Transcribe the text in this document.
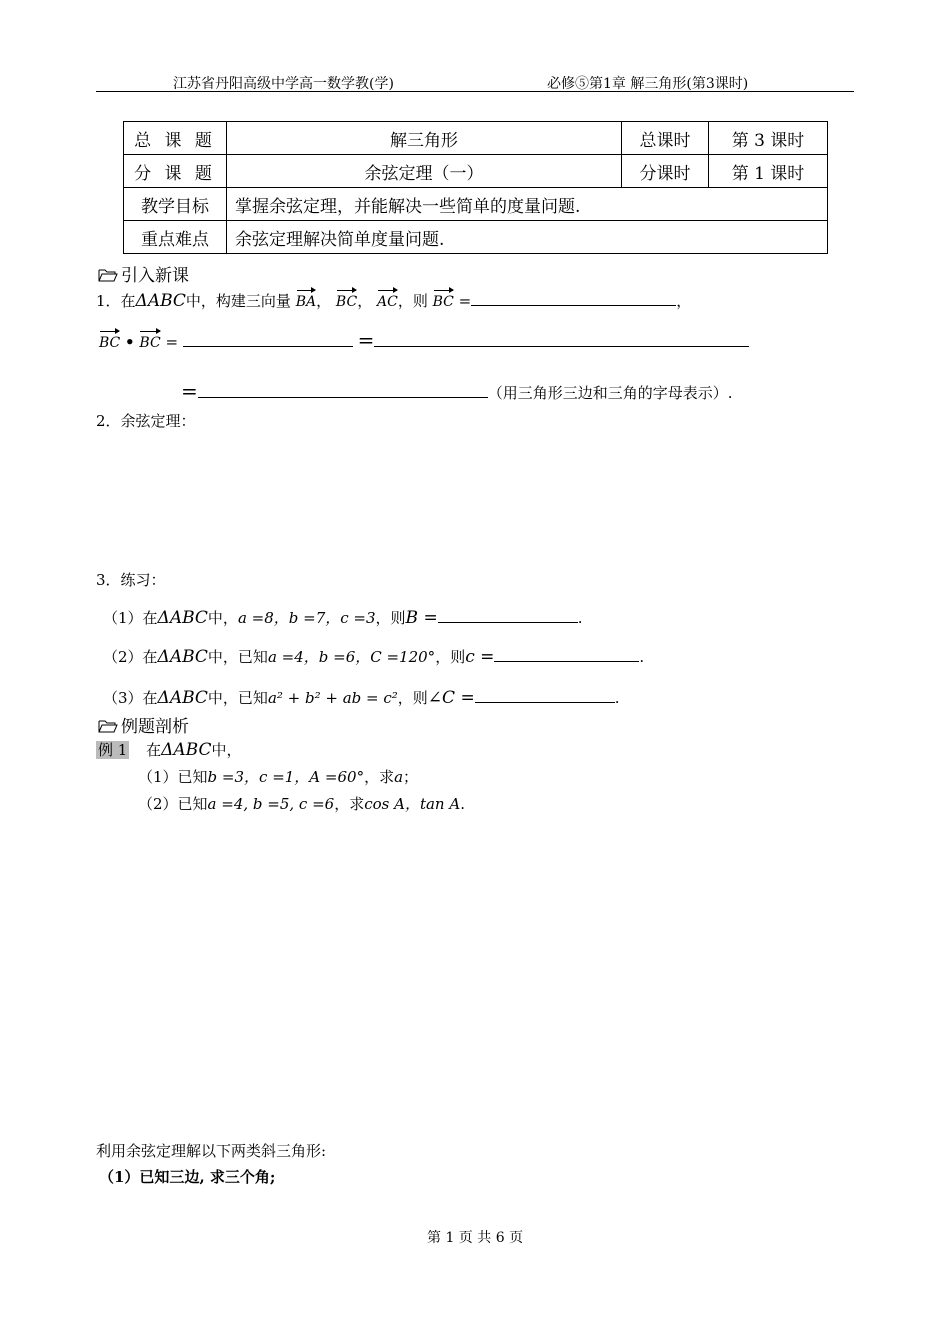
江苏省丹阳高级中学高一数学教(学)	必修⑤第1章 解三角形(第3课时)
总 课 题	解三角形	总课时	第 3 课时
分 课 题	余弦定理（一）	分课时	第 1 课时
教学目标	掌握余弦定理，并能解决一些简单的度量问题.		
重点难点	余弦定理解决简单度量问题.		
引入新课
1．在ΔABC中，构建三向量 BA， BC， AC，则 BC =	，
BC • BC =	=
=	（用三角形三边和三角的字母表示）.
2．余弦定理：
3．练习：
（1）在ΔABC中，a =8，b =7，c =3，则B =	.
（2）在ΔABC中，已知a =4，b =6，C =120°，则c =	.
（3）在ΔABC中，已知a² + b² + ab = c²，则∠C =	.
例题剖析
例 1 在ΔABC中，
（1）已知b =3，c =1，A =60°，求a；
（2）已知a =4, b =5, c =6，求cos A，tan A.
利用余弦定理解以下两类斜三角形:
（1）已知三边, 求三个角;
第 1 页 共 6 页
